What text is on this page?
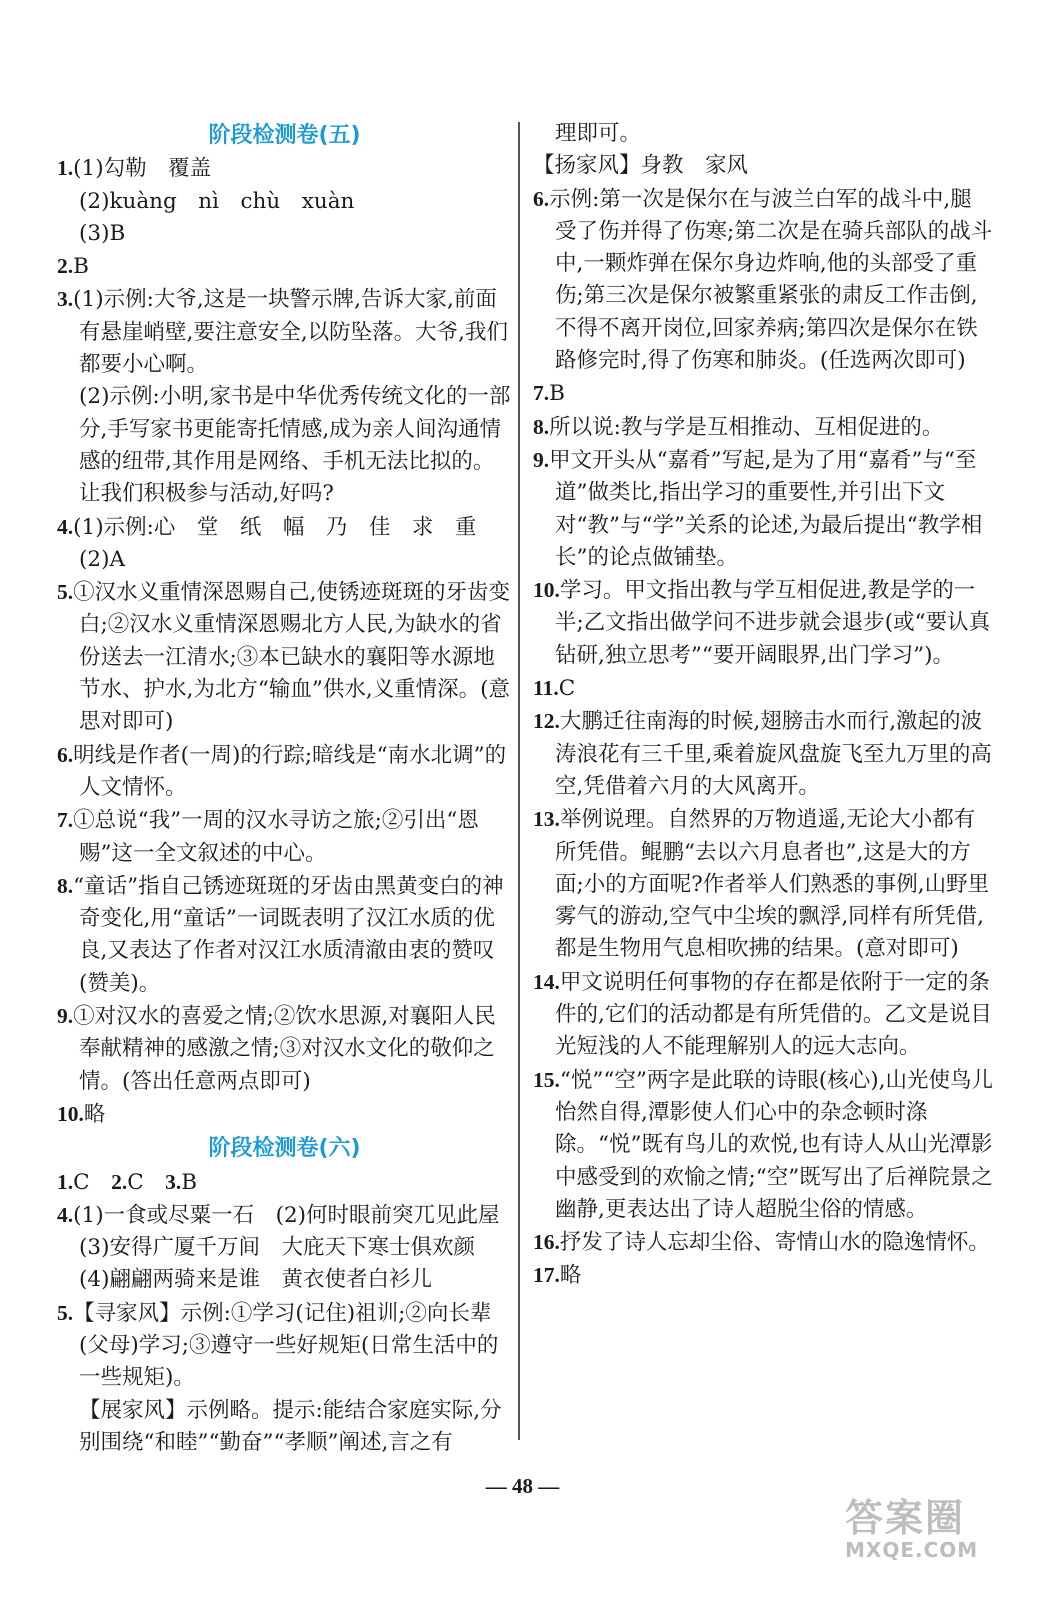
阶段检测卷(五)

1.(1)勾勒　覆盖

(2)kuàng　nì　chù　xuàn

(3)B

2.B

3.(1)示例:大爷,这是一块警示牌,告诉大家,前面有悬崖峭壁,要注意安全,以防坠落。大爷,我们都要小心啊。

(2)示例:小明,家书是中华优秀传统文化的一部分,手写家书更能寄托情感,成为亲人间沟通情感的纽带,其作用是网络、手机无法比拟的。让我们积极参与活动,好吗?

4.(1)示例:心　堂　纸　幅　乃　佳　求　重

(2)A

5.①汉水义重情深恩赐自己,使锈迹斑斑的牙齿变白;②汉水义重情深恩赐北方人民,为缺水的省份送去一江清水;③本已缺水的襄阳等水源地节水、护水,为北方“输血”供水,义重情深。(意思对即可)

6.明线是作者(一周)的行踪;暗线是“南水北调”的人文情怀。

7.①总说“我”一周的汉水寻访之旅;②引出“恩赐”这一全文叙述的中心。

8.“童话”指自己锈迹斑斑的牙齿由黑黄变白的神奇变化,用“童话”一词既表明了汉江水质的优良,又表达了作者对汉江水质清澈由衷的赞叹(赞美)。

9.①对汉水的喜爱之情;②饮水思源,对襄阳人民奉献精神的感激之情;③对汉水文化的敬仰之情。(答出任意两点即可)

10.略

阶段检测卷(六)

1.C　2.C　3.B

4.(1)一食或尽粟一石　(2)何时眼前突兀见此屋　(3)安得广厦千万间　大庇天下寒士俱欢颜　(4)翩翩两骑来是谁　黄衣使者白衫儿

5.【寻家风】示例:①学习(记住)祖训;②向长辈(父母)学习;③遵守一些好规矩(日常生活中的一些规矩)。

【展家风】示例略。提示:能结合家庭实际,分别围绕“和睦”“勤奋”“孝顺”阐述,言之有

理即可。

【扬家风】身教　家风

6.示例:第一次是保尔在与波兰白军的战斗中,腿受了伤并得了伤寒;第二次是在骑兵部队的战斗中,一颗炸弹在保尔身边炸响,他的头部受了重伤;第三次是保尔被繁重紧张的肃反工作击倒,不得不离开岗位,回家养病;第四次是保尔在铁路修完时,得了伤寒和肺炎。(任选两次即可)

7.B

8.所以说:教与学是互相推动、互相促进的。

9.甲文开头从“嘉肴”写起,是为了用“嘉肴”与“至道”做类比,指出学习的重要性,并引出下文对“教”与“学”关系的论述,为最后提出“教学相长”的论点做铺垫。

10.学习。甲文指出教与学互相促进,教是学的一半;乙文指出做学问不进步就会退步(或“要认真钻研,独立思考”“要开阔眼界,出门学习”)。

11.C

12.大鹏迁往南海的时候,翅膀击水而行,激起的波涛浪花有三千里,乘着旋风盘旋飞至九万里的高空,凭借着六月的大风离开。

13.举例说理。自然界的万物逍遥,无论大小都有所凭借。鲲鹏“去以六月息者也”,这是大的方面;小的方面呢?作者举人们熟悉的事例,山野里雾气的游动,空气中尘埃的飘浮,同样有所凭借,都是生物用气息相吹拂的结果。(意对即可)

14.甲文说明任何事物的存在都是依附于一定的条件的,它们的活动都是有所凭借的。乙文是说目光短浅的人不能理解别人的远大志向。

15.“悦”“空”两字是此联的诗眼(核心),山光使鸟儿怡然自得,潭影使人们心中的杂念顿时涤除。“悦”既有鸟儿的欢悦,也有诗人从山光潭影中感受到的欢愉之情;“空”既写出了后禅院景之幽静,更表达出了诗人超脱尘俗的情感。

16.抒发了诗人忘却尘俗、寄情山水的隐逸情怀。

17.略

— 48 —
答案圈
MXQE.COM
